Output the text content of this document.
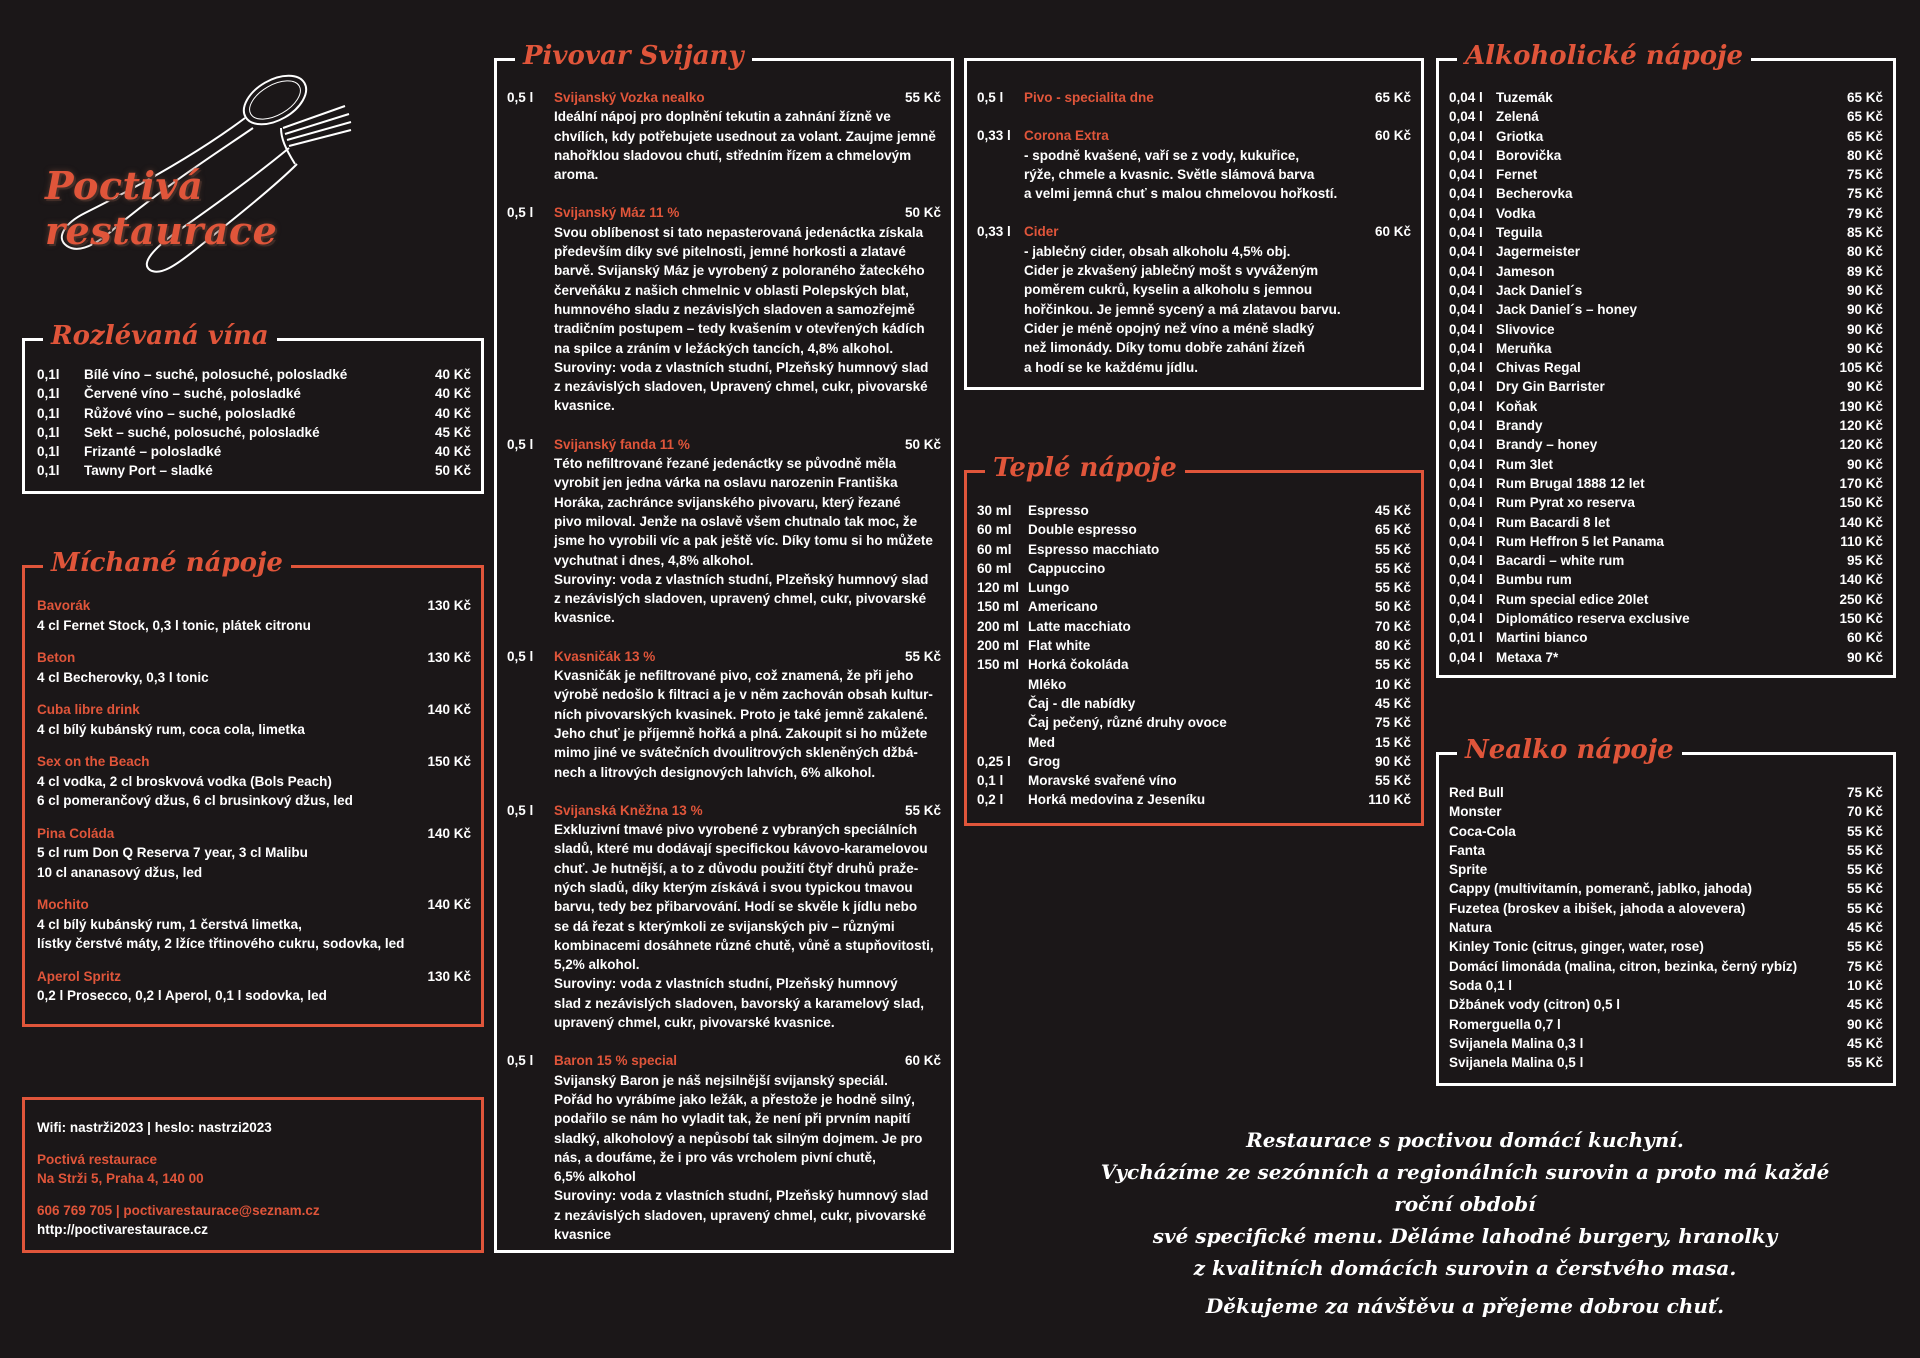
Poctivá restaurace
Rozlévaná vína
0,1l	Bílé víno – suché, polosuché, polosladké	40 Kč
0,1l	Červené víno – suché, polosladké	40 Kč
0,1l	Růžové víno – suché, polosladké	40 Kč
0,1l	Sekt – suché, polosuché, polosladké	45 Kč
0,1l	Frizanté – polosladké	40 Kč
0,1l	Tawny Port – sladké	50 Kč
Míchané nápoje
Bavorák	130 Kč
4 cl Fernet Stock, 0,3 l tonic, plátek citronu
Beton	130 Kč
4 cl Becherovky, 0,3 l tonic
Cuba libre drink	140 Kč
4 cl bílý kubánský rum, coca cola, limetka
Sex on the Beach	150 Kč
4 cl vodka, 2 cl broskvová vodka (Bols Peach)
6 cl pomerančový džus, 6 cl brusinkový džus, led
Pina Coláda	140 Kč
5 cl rum Don Q Reserva 7 year, 3 cl Malibu
10 cl ananasový džus, led
Mochito	140 Kč
4 cl bílý kubánský rum, 1 čerstvá limetka,
lístky čerstvé máty, 2 lžíce třtinového cukru, sodovka, led
Aperol Spritz	130 Kč
0,2 l Prosecco, 0,2 l Aperol, 0,1 l sodovka, led

Wifi: nastrži2023 | heslo: nastrzi2023

Poctivá restaurace

Na Strži 5, Praha 4, 140 00

606 769 705 | poctivarestaurace@seznam.cz

http://poctivarestaurace.cz

Pivovar Svijany
0,5 l	Svijanský Vozka nealko	55 Kč
Ideální nápoj pro doplnění tekutin a zahnání žízně ve
chvílích, kdy potřebujete usednout za volant. Zaujme jemně
nahořklou sladovou chutí, středním řízem a chmelovým
aroma.
0,5 l	Svijanský Máz 11 %	50 Kč
Svou oblíbenost si tato nepasterovaná jedenáctka získala
především díky své pitelnosti, jemné horkosti a zlatavé
barvě. Svijanský Máz je vyrobený z poloraného žateckého
červeňáku z našich chmelnic v oblasti Polepských blat,
humnového sladu z nezávislých sladoven a samozřejmě
tradičním postupem – tedy kvašením v otevřených kádích
na spilce a zráním v ležáckých tancích, 4,8% alkohol.
Suroviny: voda z vlastních studní, Plzeňský humnový slad
z nezávislých sladoven, Upravený chmel, cukr, pivovarské
kvasnice.
0,5 l	Svijanský fanda 11 %	50 Kč
Této nefiltrované řezané jedenáctky se původně měla
vyrobit jen jedna várka na oslavu narozenin Františka
Horáka, zachránce svijanského pivovaru, který řezané
pivo miloval. Jenže na oslavě všem chutnalo tak moc, že
jsme ho vyrobili víc a pak ještě víc. Díky tomu si ho můžete
vychutnat i dnes, 4,8% alkohol.
Suroviny: voda z vlastních studní, Plzeňský humnový slad
z nezávislých sladoven, upravený chmel, cukr, pivovarské
kvasnice.
0,5 l	Kvasničák 13 %	55 Kč
Kvasničák je nefiltrované pivo, což znamená, že při jeho
výrobě nedošlo k filtraci a je v něm zachován obsah kultur-
ních pivovarských kvasinek. Proto je také jemně zakalené.
Jeho chuť je příjemně hořká a plná. Zakoupit si ho můžete
mimo jiné ve svátečních dvoulitrových skleněných džbá-
nech a litrových designových lahvích, 6% alkohol.
0,5 l	Svijanská Kněžna 13 %	55 Kč
Exkluzivní tmavé pivo vyrobené z vybraných speciálních
sladů, které mu dodávají specifickou kávovo-karamelovou
chuť. Je hutnější, a to z důvodu použití čtyř druhů praže-
ných sladů, díky kterým získává i svou typickou tmavou
barvu, tedy bez přibarvování. Hodí se skvěle k jídlu nebo
se dá řezat s kterýmkoli ze svijanských piv – různými
kombinacemi dosáhnete různé chutě, vůně a stupňovitosti,
5,2% alkohol.
Suroviny: voda z vlastních studní, Plzeňský humnový
slad z nezávislých sladoven, bavorský a karamelový slad,
upravený chmel, cukr, pivovarské kvasnice.
0,5 l	Baron 15 % special	60 Kč
Svijanský Baron je náš nejsilnější svijanský speciál.
Pořád ho vyrábíme jako ležák, a přestože je hodně silný,
podařilo se nám ho vyladit tak, že není při prvním napití
sladký, alkoholový a nepůsobí tak silným dojmem. Je pro
nás, a doufáme, že i pro vás vrcholem pivní chutě,
6,5% alkohol
Suroviny: voda z vlastních studní, Plzeňský humnový slad
z nezávislých sladoven, upravený chmel, cukr, pivovarské
kvasnice
0,5 l	Pivo - specialita dne	65 Kč
0,33 l Corona Extra	60 Kč
- spodně kvašené, vaří se z vody, kukuřice,
rýže, chmele a kvasnic. Světle slámová barva
a velmi jemná chuť s malou chmelovou hořkostí.
0,33 l Cider	60 Kč
- jablečný cider, obsah alkoholu 4,5% obj.
Cider je zkvašený jablečný mošt s vyváženým
poměrem cukrů, kyselin a alkoholu s jemnou
hořčinkou. Je jemně sycený a má zlatavou barvu.
Cider je méně opojný než víno a méně sladký
než limonády. Díky tomu dobře zahání žízeň
a hodí se ke každému jídlu.
Teplé nápoje
30 ml	Espresso	45 Kč
60 ml	Double espresso	65 Kč
60 ml	Espresso macchiato	55 Kč
60 ml	Cappuccino	55 Kč
120 ml Lungo	55 Kč
150 ml Americano	50 Kč
200 ml Latte macchiato	70 Kč
200 ml Flat white	80 Kč
150 ml Horká čokoláda	55 Kč
Mléko	10 Kč
Čaj - dle nabídky	45 Kč
Čaj pečený, různé druhy ovoce	75 Kč
Med	15 Kč
0,25 l	Grog	90 Kč
0,1 l	Moravské svařené víno	55 Kč
0,2 l	Horká medovina z Jeseníku	110 Kč
Alkoholické nápoje
0,04 l Tuzemák	65 Kč
0,04 l Zelená	65 Kč
0,04 l Griotka	65 Kč
0,04 l Borovička	80 Kč
0,04 l Fernet	75 Kč
0,04 l Becherovka	75 Kč
0,04 l Vodka	79 Kč
0,04 l Teguila	85 Kč
0,04 l Jagermeister	80 Kč
0,04 l Jameson	89 Kč
0,04 l Jack Daniel´s	90 Kč
0,04 l Jack Daniel´s – honey	90 Kč
0,04 l Slivovice	90 Kč
0,04 l Meruňka	90 Kč
0,04 l Chivas Regal	105 Kč
0,04 l Dry Gin Barrister	90 Kč
0,04 l Koňak	190 Kč
0,04 l Brandy	120 Kč
0,04 l Brandy – honey	120 Kč
0,04 l Rum 3let	90 Kč
0,04 l Rum Brugal 1888 12 let	170 Kč
0,04 l Rum Pyrat xo reserva	150 Kč
0,04 l Rum Bacardi 8 let	140 Kč
0,04 l Rum Heffron 5 let Panama	110 Kč
0,04 l Bacardi – white rum	95 Kč
0,04 l Bumbu rum	140 Kč
0,04 l Rum special edice 20let	250 Kč
0,04 l Diplomático reserva exclusive	150 Kč
0,01 l Martini bianco	60 Kč
0,04 l Metaxa 7*	90 Kč
Nealko nápoje
Red Bull	75 Kč
Monster	70 Kč
Coca-Cola	55 Kč
Fanta	55 Kč
Sprite	55 Kč
Cappy (multivitamín, pomeranč, jablko, jahoda)	55 Kč
Fuzetea (broskev a ibišek, jahoda a alovevera)	55 Kč
Natura	45 Kč
Kinley Tonic (citrus, ginger, water, rose)	55 Kč
Domácí limonáda (malina, citron, bezinka, černý rybíz)	75 Kč
Soda 0,1 l	10 Kč
Džbánek vody (citron) 0,5 l	45 Kč
Romerguella 0,7 l	90 Kč
Svijanela Malina 0,3 l	45 Kč
Svijanela Malina 0,5 l	55 Kč

Restaurace s poctivou domácí kuchyní.
Vycházíme ze sezónních a regionálních surovin a proto má každé roční období
své specifické menu. Děláme lahodné burgery, hranolky
z kvalitních domácích surovin a čerstvého masa.

Děkujeme za návštěvu a přejeme dobrou chuť.
